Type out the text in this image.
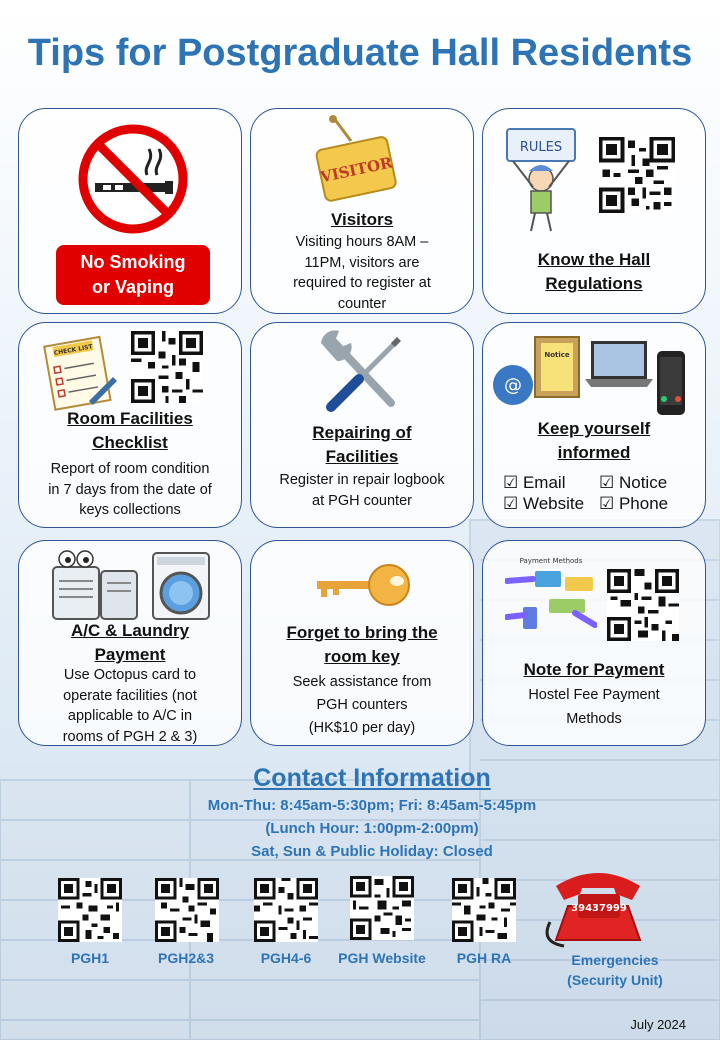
Tips for Postgraduate Hall Residents
No Smoking
or Vaping
VISITOR
Visitors
Visiting hours 8AM –
11PM, visitors are
required to register at
counter
RULES
Know the Hall
Regulations
CHECK LIST
Room Facilities
Checklist
Report of room condition
in 7 days from the date of
keys collections
Repairing of
Facilities
Register in repair logbook
at PGH counter
@
Notice
Keep yourself
informed
☑ Email ☑ Notice
☑ Website ☑ Phone
A/C & Laundry
Payment
Use Octopus card to
operate facilities (not
applicable to A/C in
rooms of PGH 2 & 3)
Forget to bring the
room key
Seek assistance from
PGH counters
(HK$10 per day)
Payment Methods
Note for Payment
Hostel Fee Payment
Methods
Contact Information
Mon-Thu: 8:45am-5:30pm; Fri: 8:45am-5:45pm
(Lunch Hour: 1:00pm-2:00pm)
Sat, Sun & Public Holiday: Closed
39437999
PGH1	PGH2&3	PGH4-6	PGH Website	PGH RA	Emergencies
(Security Unit)
July 2024
